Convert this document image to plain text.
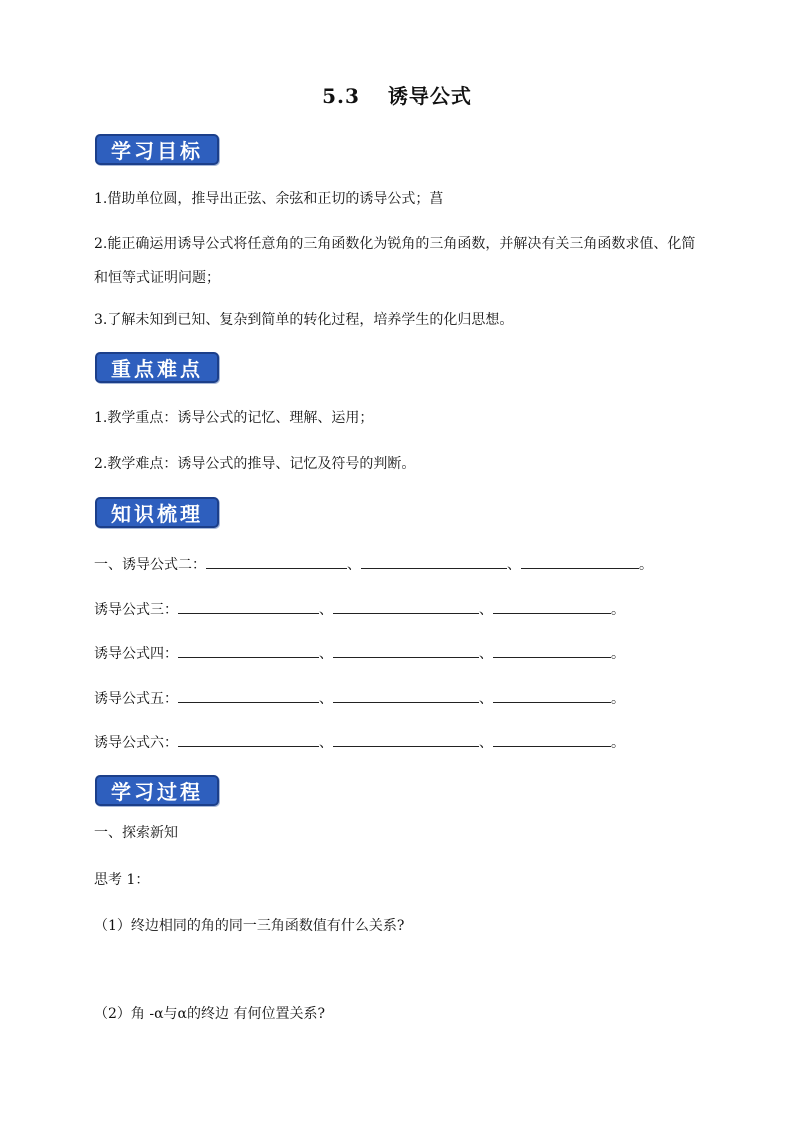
5.3 诱导公式
学习目标
1.借助单位圆，推导出正弦、余弦和正切的诱导公式；菖
2.能正确运用诱导公式将任意角的三角函数化为锐角的三角函数，并解决有关三角函数求值、化简和恒等式证明问题；
3.了解未知到已知、复杂到简单的转化过程，培养学生的化归思想。
重点难点
1.教学重点：诱导公式的记忆、理解、运用；
2.教学难点：诱导公式的推导、记忆及符号的判断。
知识梳理
一、诱导公式二：	、	、	。
诱导公式三：	、	、	。
诱导公式四：	、	、	。
诱导公式五：	、	、	。
诱导公式六：	、	、	。
学习过程
一、探索新知
思考 1：
（1）终边相同的角的同一三角函数值有什么关系?
（2）角 -α与α的终边 有何位置关系?
